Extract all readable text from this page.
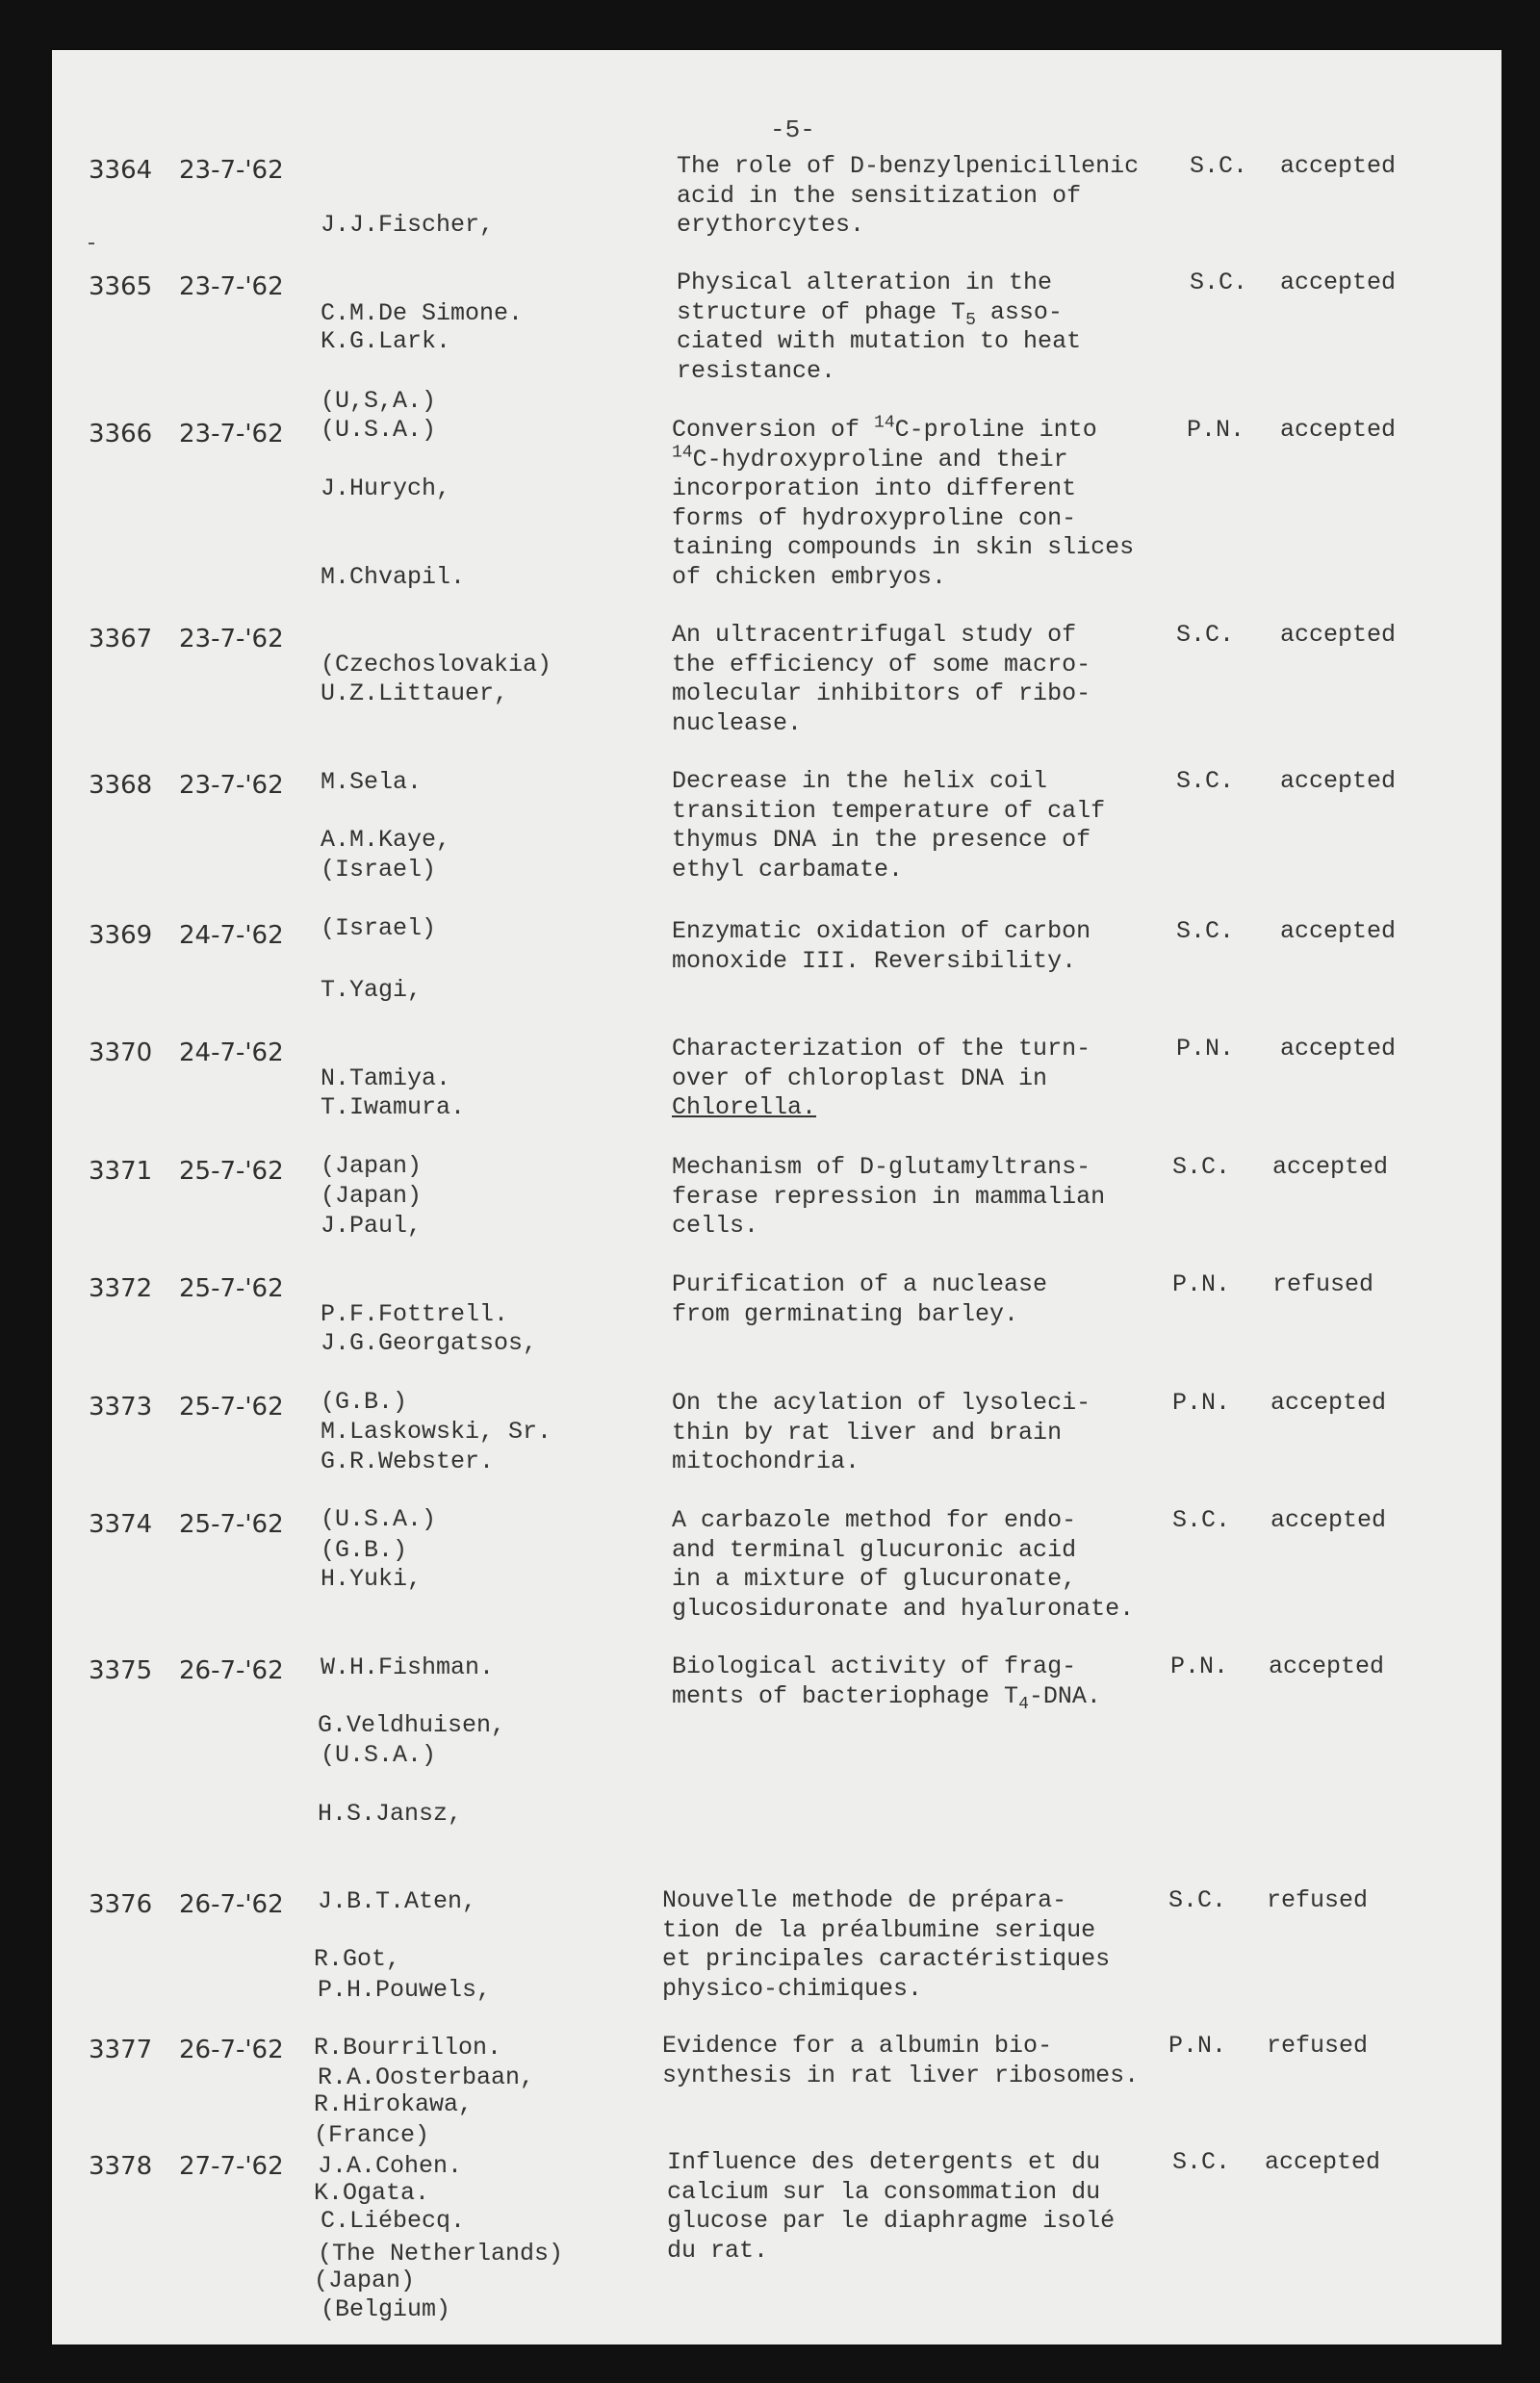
-5-
3364 23-7-'62

J.J.Fischer,

C.M.De Simone.

(U,S,A.)

The role of D-benzylpenicillenic
acid in the sensitization of
erythorcytes.
S.C. accepted
3365 23-7-'62

K.G.Lark.

(U.S.A.)

Physical alteration in the
structure of phage $T_5$ asso-
ciated with mutation to heat
resistance.
S.C. accepted
3366 23-7-'62

J.Hurych,

M.Chvapil.

(Czechoslovakia)

Conversion of $^{14}$C-proline into
$^{14}$C-hydroxyproline and their
incorporation into different
forms of hydroxyproline con-
taining compounds in skin slices
of chicken embryos.
P.N. accepted
3367 23-7-'62

U.Z.Littauer,

M.Sela.

(Israel)

An ultracentrifugal study of
the efficiency of some macro-
molecular inhibitors of ribo-
nuclease.
S.C. accepted
3368 23-7-'62

A.M.Kaye,

(Israel)

Decrease in the helix coil
transition temperature of calf
thymus DNA in the presence of
ethyl carbamate.
S.C. accepted
3369 24-7-'62

T.Yagi,

N.Tamiya.

(Japan)

Enzymatic oxidation of carbon
monoxide III. Reversibility.
S.C. accepted
3370 24-7-'62

T.Iwamura.

(Japan)

Characterization of the turn-
over of chloroplast DNA in
Chlorella.
P.N. accepted
3371 25-7-'62

J.Paul,

P.F.Fottrell.

(G.B.)

Mechanism of D-glutamyltrans-
ferase repression in mammalian
cells.
S.C. accepted
3372 25-7-'62

J.G.Georgatsos,

M.Laskowski, Sr.

(U.S.A.)

Purification of a nuclease
from germinating barley.
P.N. refused
3373 25-7-'62

G.R.Webster.

(G.B.)

On the acylation of lysoleci-
thin by rat liver and brain
mitochondria.
P.N. accepted
3374 25-7-'62

H.Yuki,

W.H.Fishman.

(U.S.A.)

A carbazole method for endo-
and terminal glucuronic acid
in a mixture of glucuronate,
glucosiduronate and hyaluronate.
S.C. accepted
3375 26-7-'62

G.Veldhuisen,

H.S.Jansz,

J.B.T.Aten,

P.H.Pouwels,

R.A.Oosterbaan,

J.A.Cohen.

(The Netherlands)

Biological activity of frag-
ments of bacteriophage $T_4$-DNA.
P.N. accepted
3376 26-7-'62

R.Got,

R.Bourrillon.

(France)

Nouvelle methode de prépara-
tion de la préalbumine serique
et principales caractéristiques
physico-chimiques.
S.C. refused
3377 26-7-'62

R.Hirokawa,

K.Ogata.

(Japan)

Evidence for a albumin bio-
synthesis in rat liver ribosomes.
P.N. refused
3378 27-7-'62

C.Liébecq.

(Belgium)

Influence des detergents et du
calcium sur la consommation du
glucose par le diaphragme isolé
du rat.
S.C. accepted
